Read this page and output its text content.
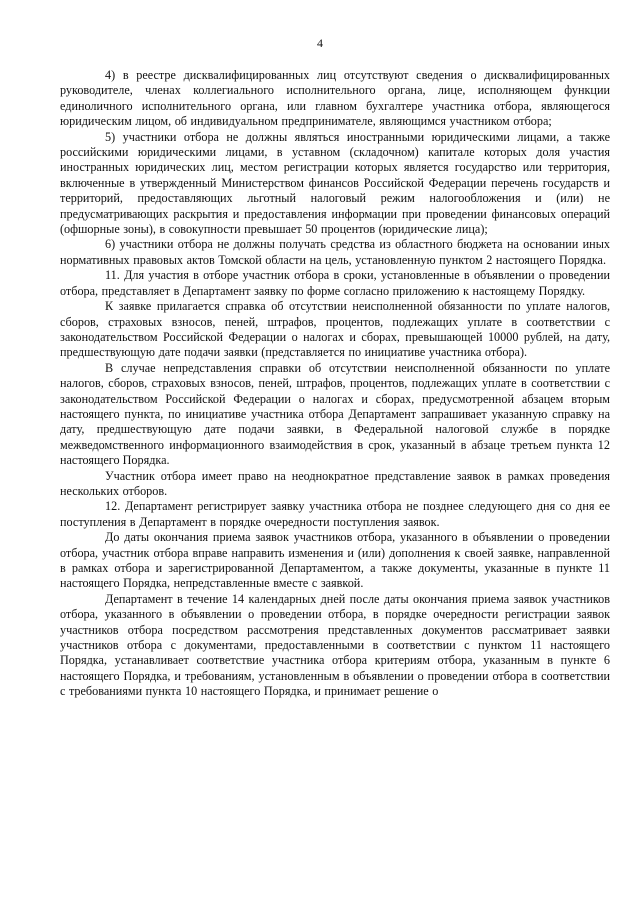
4

4) в реестре дисквалифицированных лиц отсутствуют сведения о дисквалифицированных руководителе, членах коллегиального исполнительного органа, лице, исполняющем функции единоличного исполнительного органа, или главном бухгалтере участника отбора, являющегося юридическим лицом, об индивидуальном предпринимателе, являющимся участником отбора;

5) участники отбора не должны являться иностранными юридическими лицами, а также российскими юридическими лицами, в уставном (складочном) капитале которых доля участия иностранных юридических лиц, местом регистрации которых является государство или территория, включенные в утвержденный Министерством финансов Российской Федерации перечень государств и территорий, предоставляющих льготный налоговый режим налогообложения и (или) не предусматривающих раскрытия и предоставления информации при проведении финансовых операций (офшорные зоны), в совокупности превышает 50 процентов (юридические лица);

6) участники отбора не должны получать средства из областного бюджета на основании иных нормативных правовых актов Томской области на цель, установленную пунктом 2 настоящего Порядка.

11. Для участия в отборе участник отбора в сроки, установленные в объявлении о проведении отбора, представляет в Департамент заявку по форме согласно приложению к настоящему Порядку.

К заявке прилагается справка об отсутствии неисполненной обязанности по уплате налогов, сборов, страховых взносов, пеней, штрафов, процентов, подлежащих уплате в соответствии с законодательством Российской Федерации о налогах и сборах, превышающей 10000 рублей, на дату, предшествующую дате подачи заявки (представляется по инициативе участника отбора).

В случае непредставления справки об отсутствии неисполненной обязанности по уплате налогов, сборов, страховых взносов, пеней, штрафов, процентов, подлежащих уплате в соответствии с законодательством Российской Федерации о налогах и сборах, предусмотренной абзацем вторым настоящего пункта, по инициативе участника отбора Департамент запрашивает указанную справку на дату, предшествующую дате подачи заявки, в Федеральной налоговой службе в порядке межведомственного информационного взаимодействия в срок, указанный в абзаце третьем пункта 12 настоящего Порядка.

Участник отбора имеет право на неоднократное представление заявок в рамках проведения нескольких отборов.

12. Департамент регистрирует заявку участника отбора не позднее следующего дня со дня ее поступления в Департамент в порядке очередности поступления заявок.

До даты окончания приема заявок участников отбора, указанного в объявлении о проведении отбора, участник отбора вправе направить изменения и (или) дополнения к своей заявке, направленной в рамках отбора и зарегистрированной Департаментом, а также документы, указанные в пункте 11 настоящего Порядка, непредставленные вместе с заявкой.

Департамент в течение 14 календарных дней после даты окончания приема заявок участников отбора, указанного в объявлении о проведении отбора, в порядке очередности регистрации заявок участников отбора посредством рассмотрения представленных документов рассматривает заявки участников отбора с документами, предоставленными в соответствии с пунктом 11 настоящего Порядка, устанавливает соответствие участника отбора критериям отбора, указанным в пункте 6 настоящего Порядка, и требованиям, установленным в объявлении о проведении отбора в соответствии с требованиями пункта 10 настоящего Порядка, и принимает решение о
